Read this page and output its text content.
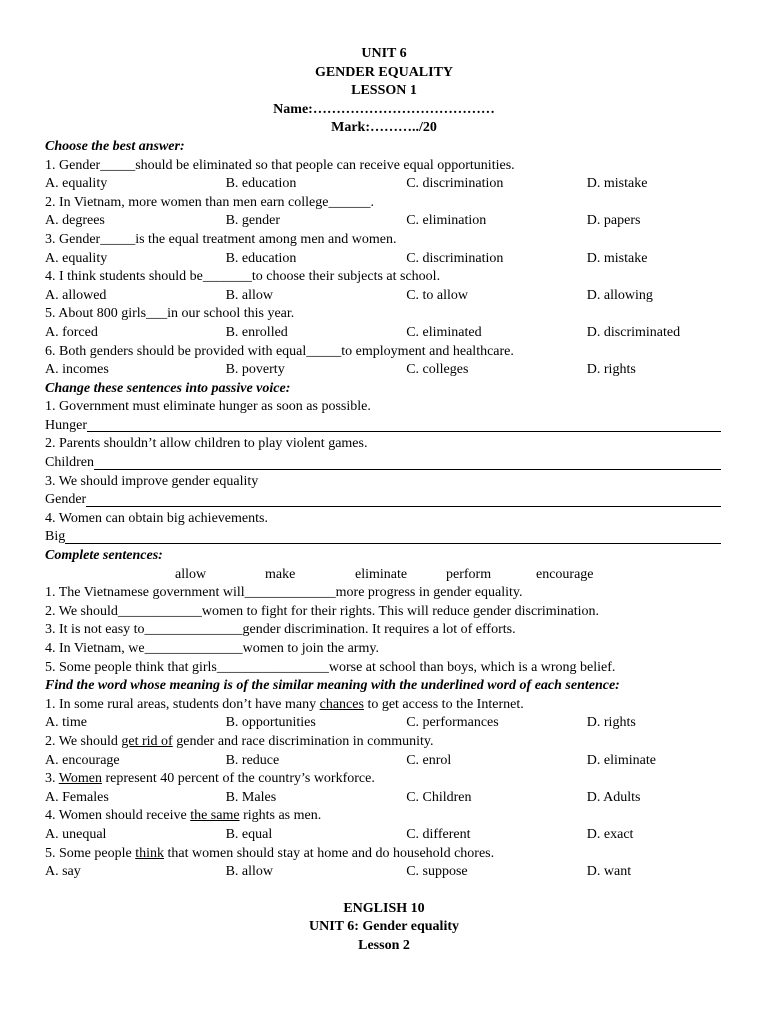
UNIT 6
GENDER EQUALITY
LESSON 1
Name:…………………………………
Mark:………../20
Choose the best answer:
1. Gender_____should be eliminated so that people can receive equal opportunities.
A. equality	B. education	C. discrimination	D. mistake
2. In Vietnam, more women than men earn college______.
A. degrees	B. gender	C. elimination	D. papers
3. Gender_____is the equal treatment among men and women.
A. equality	B. education	C. discrimination	D. mistake
4. I think students should be_______to choose their subjects at school.
A. allowed	B. allow	C. to allow	D. allowing
5. About 800 girls___in our school this year.
A. forced	B. enrolled	C. eliminated	D. discriminated
6. Both genders should be provided with equal_____to employment and healthcare.
A. incomes	B. poverty	C. colleges	D. rights
Change these sentences into passive voice:
1. Government must eliminate hunger as soon as possible.
Hunger
2. Parents shouldn’t allow children to play violent games.
Children
3. We should improve gender equality
Gender
4. Women can obtain big achievements.
Big
Complete sentences:
allow	make	eliminate	perform	encourage
1. The Vietnamese government will_____________more progress in gender equality.
2. We should____________women to fight for their rights. This will reduce gender discrimination.
3. It is not easy to______________gender discrimination. It requires a lot of efforts.
4. In Vietnam, we______________women to join the army.
5. Some people think that girls________________worse at school than boys, which is a wrong belief.
Find the word whose meaning is of the similar meaning with the underlined word of each sentence:
1. In some rural areas, students don’t have many chances to get access to the Internet.
A. time	B. opportunities	C. performances	D. rights
2. We should get rid of gender and race discrimination in community.
A. encourage	B. reduce	C. enrol	D. eliminate
3. Women represent 40 percent of the country’s workforce.
A. Females	B. Males	C. Children	D. Adults
4. Women should receive the same rights as men.
A. unequal	B. equal	C. different	D. exact
5. Some people think that women should stay at home and do household chores.
A. say	B. allow	C. suppose	D. want
ENGLISH 10
UNIT 6: Gender equality
Lesson 2
